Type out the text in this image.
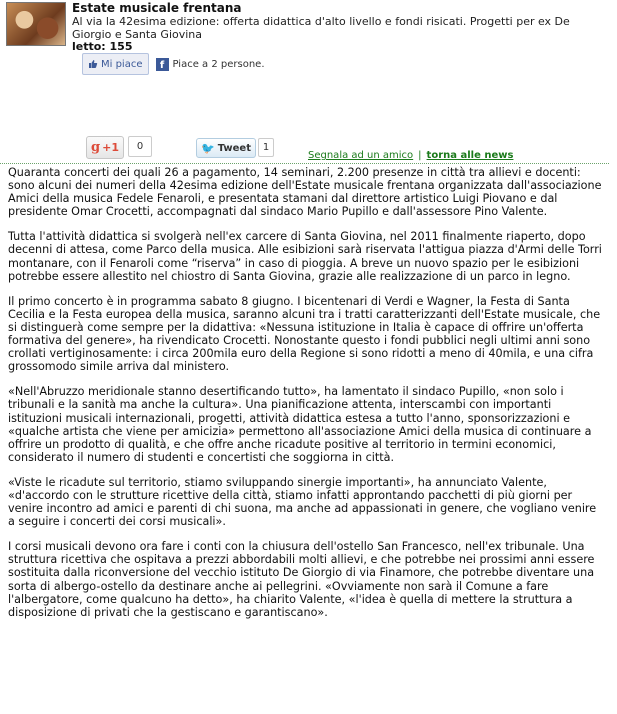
Estate musicale frentana
Al via la 42esima edizione: offerta didattica d'alto livello e fondi risicati. Progetti per ex De Giorgio e Santa Giovina
letto: 155
Mi piace	f Piace a 2 persone.
g +1	0	🐦 Tweet	1
Segnala ad un amico | torna alle news

Quaranta concerti dei quali 26 a pagamento, 14 seminari, 2.200 presenze in città tra allievi e docenti: sono alcuni dei numeri della 42esima edizione dell'Estate musicale frentana organizzata dall'associazione Amici della musica Fedele Fenaroli, e presentata stamani dal direttore artistico Luigi Piovano e dal presidente Omar Crocetti, accompagnati dal sindaco Mario Pupillo e dall'assessore Pino Valente.

Tutta l'attività didattica si svolgerà nell'ex carcere di Santa Giovina, nel 2011 finalmente riaperto, dopo decenni di attesa, come Parco della musica. Alle esibizioni sarà riservata l'attigua piazza d'Armi delle Torri montanare, con il Fenaroli come “riserva” in caso di pioggia. A breve un nuovo spazio per le esibizioni potrebbe essere allestito nel chiostro di Santa Giovina, grazie alle realizzazione di un parco in legno.

Il primo concerto è in programma sabato 8 giugno. I bicentenari di Verdi e Wagner, la Festa di Santa Cecilia e la Festa europea della musica, saranno alcuni tra i tratti caratterizzanti dell'Estate musicale, che si distinguerà come sempre per la didattiva: «Nessuna istituzione in Italia è capace di offrire un'offerta formativa del genere», ha rivendicato Crocetti. Nonostante questo i fondi pubblici negli ultimi anni sono crollati vertiginosamente: i circa 200mila euro della Regione si sono ridotti a meno di 40mila, e una cifra grossomodo simile arriva dal ministero.

«Nell'Abruzzo meridionale stanno desertificando tutto», ha lamentato il sindaco Pupillo, «non solo i tribunali e la sanità ma anche la cultura». Una pianificazione attenta, interscambi con importanti istituzioni musicali internazionali, progetti, attività didattica estesa a tutto l'anno, sponsorizzazioni e «qualche artista che viene per amicizia» permettono all'associazione Amici della musica di continuare a offrire un prodotto di qualità, e che offre anche ricadute positive al territorio in termini economici, considerato il numero di studenti e concertisti che soggiorna in città.

«Viste le ricadute sul territorio, stiamo sviluppando sinergie importanti», ha annunciato Valente, «d'accordo con le strutture ricettive della città, stiamo infatti approntando pacchetti di più giorni per venire incontro ad amici e parenti di chi suona, ma anche ad appassionati in genere, che vogliano venire a seguire i concerti dei corsi musicali».

I corsi musicali devono ora fare i conti con la chiusura dell'ostello San Francesco, nell'ex tribunale. Una struttura ricettiva che ospitava a prezzi abbordabili molti allievi, e che potrebbe nei prossimi anni essere sostituita dalla riconversione del vecchio istituto De Giorgio di via Finamore, che potrebbe diventare una sorta di albergo-ostello da destinare anche ai pellegrini. «Ovviamente non sarà il Comune a fare l'albergatore, come qualcuno ha detto», ha chiarito Valente, «l'idea è quella di mettere la struttura a disposizione di privati che la gestiscano e garantiscano».
